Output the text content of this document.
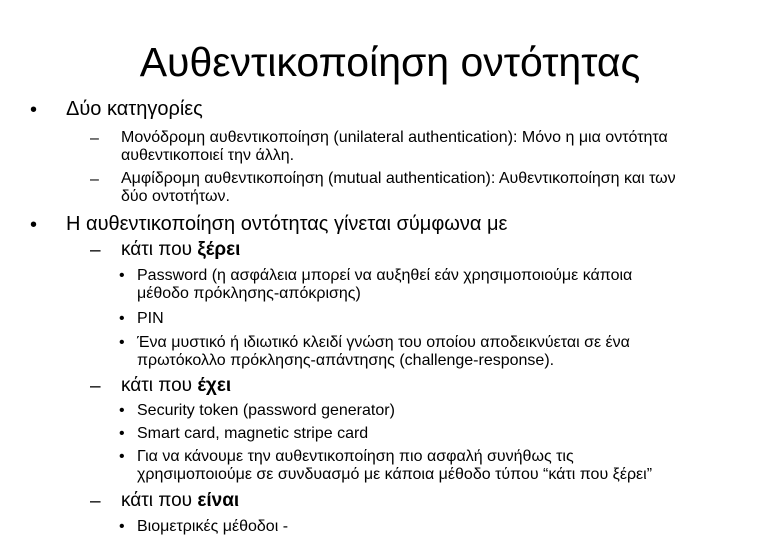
Αυθεντικοποίηση οντότητας
• Δύο κατηγορίες
– Μονόδρομη αυθεντικοποίηση (unilateral authentication): Μόνο η μια οντότητα
αυθεντικοποιεί την άλλη.
– Αμφίδρομη αυθεντικοποίηση (mutual authentication): Αυθεντικοποίηση και των
δύο οντοτήτων.
• Η αυθεντικοποίηση οντότητας γίνεται σύμφωνα με
– κάτι που ξέρει
• Password (η ασφάλεια μπορεί να αυξηθεί εάν χρησιμοποιούμε κάποια
μέθοδο πρόκλησης-απόκρισης)
• PIN
• Ένα μυστικό ή ιδιωτικό κλειδί γνώση του οποίου αποδεικνύεται σε ένα
πρωτόκολλο πρόκλησης-απάντησης (challenge-response).
– κάτι που έχει
• Security token (password generator)
• Smart card, magnetic stripe card
• Για να κάνουμε την αυθεντικοποίηση πιο ασφαλή συνήθως τις
χρησιμοποιούμε σε συνδυασμό με κάποια μέθοδο τύπου “κάτι που ξέρει”
– κάτι που είναι
• Βιομετρικές μέθοδοι -
